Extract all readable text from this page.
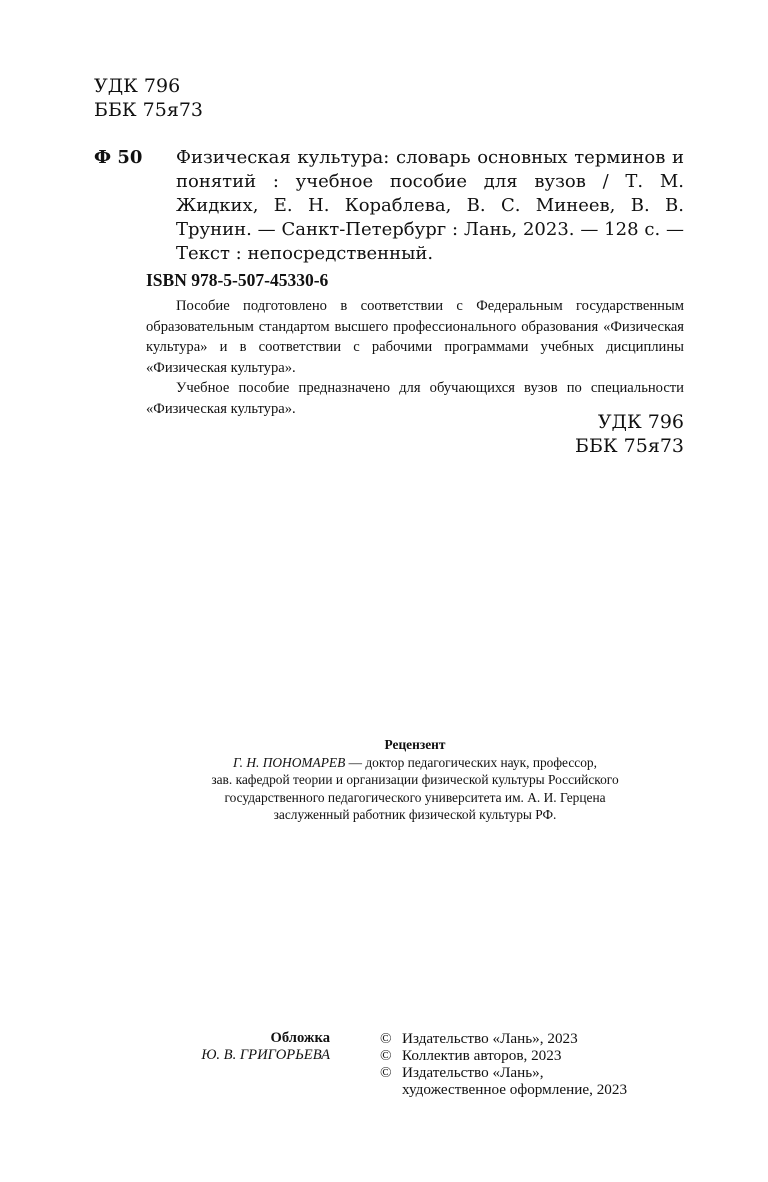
УДК 796
ББК 75я73
Ф 50 Физическая культура: словарь основных терминов и понятий : учебное пособие для вузов / Т. М. Жидких, Е. Н. Кораблева, В. С. Минеев, В. В. Трунин. — Санкт-Петербург : Лань, 2023. — 128 с. — Текст : непосредственный.
ISBN 978-5-507-45330-6

Пособие подготовлено в соответствии с Федеральным государственным образовательным стандартом высшего профессионального образования «Физическая культура» и в соответствии с рабочими программами учебных дисциплины «Физическая культура».

Учебное пособие предназначено для обучающихся вузов по специальности «Физическая культура».

УДК 796
ББК 75я73
Рецензент
Г. Н. ПОНОМАРЕВ — доктор педагогических наук, профессор,
зав. кафедрой теории и организации физической культуры Российского
государственного педагогического университета им. А. И. Герцена
заслуженный работник физической культуры РФ.
Обложка
Ю. В. ГРИГОРЬЕВА
© Издательство «Лань», 2023
© Коллектив авторов, 2023
© Издательство «Лань»,
художественное оформление, 2023
